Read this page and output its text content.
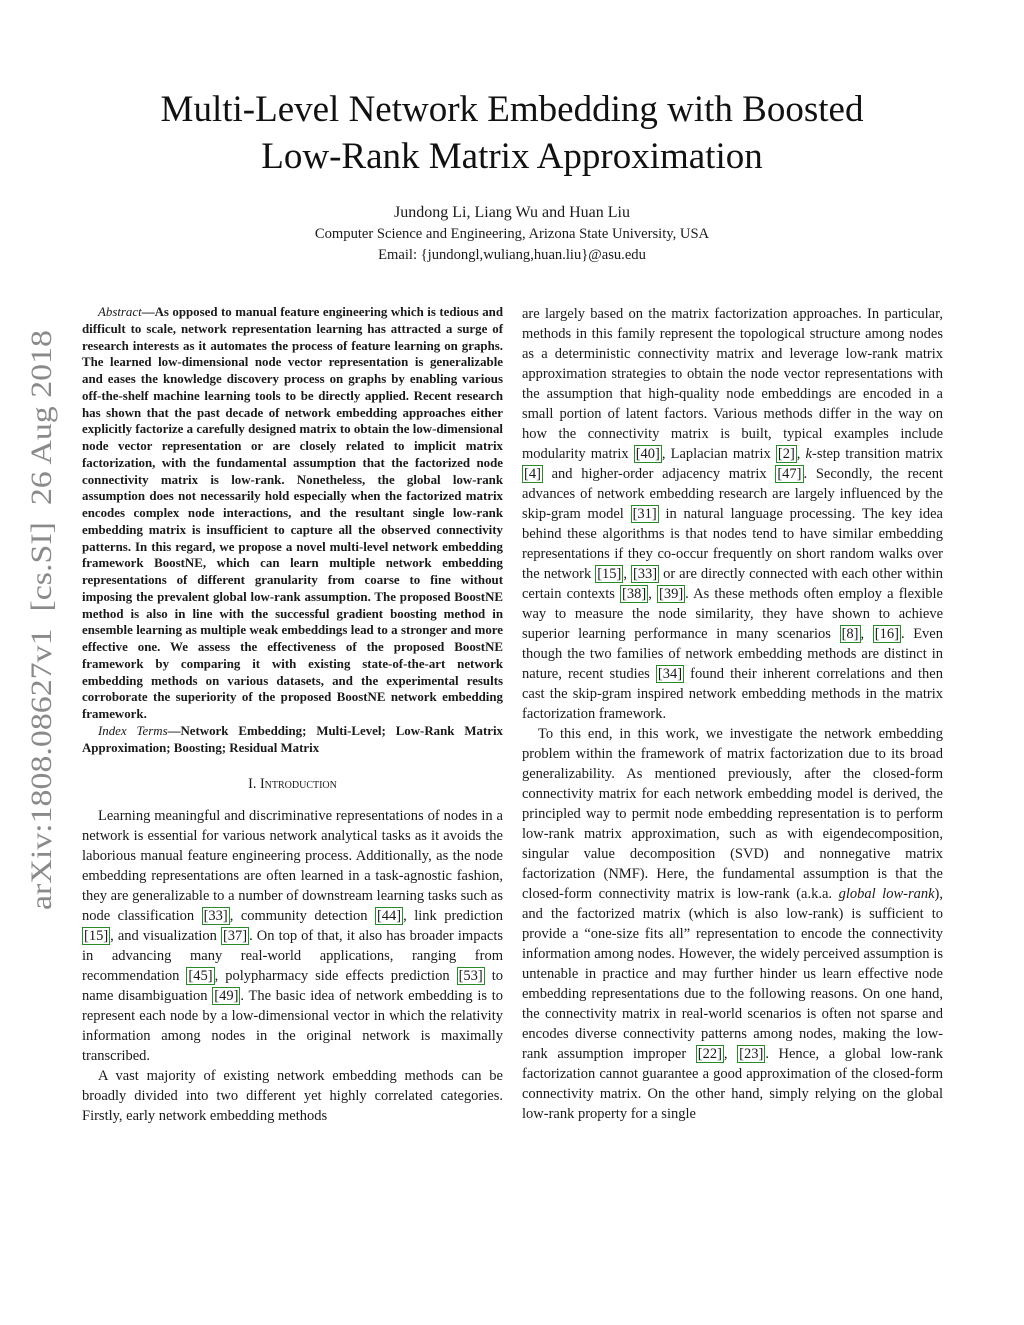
arXiv:1808.08627v1  [cs.SI]  26 Aug 2018
Multi-Level Network Embedding with Boosted
Low-Rank Matrix Approximation
Jundong Li, Liang Wu and Huan Liu
Computer Science and Engineering, Arizona State University, USA
Email: {jundongl,wuliang,huan.liu}@asu.edu

Abstract—As opposed to manual feature engineering which is tedious and difficult to scale, network representation learning has attracted a surge of research interests as it automates the process of feature learning on graphs. The learned low-dimensional node vector representation is generalizable and eases the knowledge discovery process on graphs by enabling various off-the-shelf machine learning tools to be directly applied. Recent research has shown that the past decade of network embedding approaches either explicitly factorize a carefully designed matrix to obtain the low-dimensional node vector representation or are closely related to implicit matrix factorization, with the fundamental assumption that the factorized node connectivity matrix is low-rank. Nonetheless, the global low-rank assumption does not necessarily hold especially when the factorized matrix encodes complex node interactions, and the resultant single low-rank embedding matrix is insufficient to capture all the observed connectivity patterns. In this regard, we propose a novel multi-level network embedding framework BoostNE, which can learn multiple network embedding representations of different granularity from coarse to fine without imposing the prevalent global low-rank assumption. The proposed BoostNE method is also in line with the successful gradient boosting method in ensemble learning as multiple weak embeddings lead to a stronger and more effective one. We assess the effectiveness of the proposed BoostNE framework by comparing it with existing state-of-the-art network embedding methods on various datasets, and the experimental results corroborate the superiority of the proposed BoostNE network embedding framework.

Index Terms—Network Embedding; Multi-Level; Low-Rank Matrix Approximation; Boosting; Residual Matrix

I. Introduction

Learning meaningful and discriminative representations of nodes in a network is essential for various network analytical tasks as it avoids the laborious manual feature engineering process. Additionally, as the node embedding representations are often learned in a task-agnostic fashion, they are generalizable to a number of downstream learning tasks such as node classification [33] , community detection [44] , link prediction [15] , and visualization [37] . On top of that, it also has broader impacts in advancing many real-world applications, ranging from recommendation [45] , polypharmacy side effects prediction [53] to name disambiguation [49] . The basic idea of network embedding is to represent each node by a low-dimensional vector in which the relativity information among nodes in the original network is maximally transcribed.

A vast majority of existing network embedding methods can be broadly divided into two different yet highly correlated categories. Firstly, early network embedding methods

are largely based on the matrix factorization approaches. In particular, methods in this family represent the topological structure among nodes as a deterministic connectivity matrix and leverage low-rank matrix approximation strategies to obtain the node vector representations with the assumption that high-quality node embeddings are encoded in a small portion of latent factors. Various methods differ in the way on how the connectivity matrix is built, typical examples include modularity matrix [40] , Laplacian matrix [2] , k-step transition matrix [4] and higher-order adjacency matrix [47] . Secondly, the recent advances of network embedding research are largely influenced by the skip-gram model [31] in natural language processing. The key idea behind these algorithms is that nodes tend to have similar embedding representations if they co-occur frequently on short random walks over the network [15] , [33] or are directly connected with each other within certain contexts [38] , [39] . As these methods often employ a flexible way to measure the node similarity, they have shown to achieve superior learning performance in many scenarios [8] , [16] . Even though the two families of network embedding methods are distinct in nature, recent studies [34] found their inherent correlations and then cast the skip-gram inspired network embedding methods in the matrix factorization framework.

To this end, in this work, we investigate the network embedding problem within the framework of matrix factorization due to its broad generalizability. As mentioned previously, after the closed-form connectivity matrix for each network embedding model is derived, the principled way to permit node embedding representation is to perform low-rank matrix approximation, such as with eigendecomposition, singular value decomposition (SVD) and nonnegative matrix factorization (NMF). Here, the fundamental assumption is that the closed-form connectivity matrix is low-rank (a.k.a. global low-rank), and the factorized matrix (which is also low-rank) is sufficient to provide a “one-size fits all” representation to encode the connectivity information among nodes. However, the widely perceived assumption is untenable in practice and may further hinder us learn effective node embedding representations due to the following reasons. On one hand, the connectivity matrix in real-world scenarios is often not sparse and encodes diverse connectivity patterns among nodes, making the low-rank assumption improper [22] , [23] . Hence, a global low-rank factorization cannot guarantee a good approximation of the closed-form connectivity matrix. On the other hand, simply relying on the global low-rank property for a single
